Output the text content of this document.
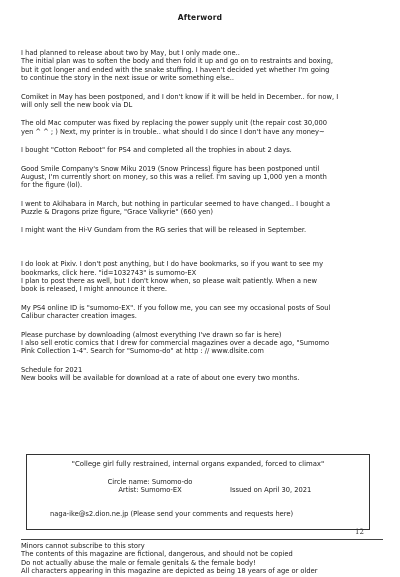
Afterword

I had planned to release about two by May, but I only made one..
The initial plan was to soften the body and then fold it up and go on to restraints and boxing,
but it got longer and ended with the snake stuffing. I haven't decided yet whether I'm going
to continue the story in the next issue or write something else..

Comiket in May has been postponed, and I don't know if it will be held in December.. for now, I
will only sell the new book via DL

The old Mac computer was fixed by replacing the power supply unit (the repair cost 30,000
yen ^ ^ ; ) Next, my printer is in trouble.. what should I do since I don't have any money~

I bought "Cotton Reboot" for PS4 and completed all the trophies in about 2 days.

Good Smile Company's Snow Miku 2019 (Snow Princess) figure has been postponed until
August, I'm currently short on money, so this was a relief. I'm saving up 1,000 yen a month
for the figure (lol).

I went to Akihabara in March, but nothing in particular seemed to have changed.. I bought a
Puzzle & Dragons prize figure, "Grace Valkyrie" (660 yen)

I might want the Hi-V Gundam from the RG series that will be released in September.

I do look at Pixiv. I don't post anything, but I do have bookmarks, so if you want to see my
bookmarks, click here. "id=1032743" is sumomo-EX
I plan to post there as well, but I don't know when, so please wait patiently. When a new
book is released, I might announce it there.

My PS4 online ID is "sumomo-EX". If you follow me, you can see my occasional posts of Soul
Calibur character creation images.

Please purchase by downloading (almost everything I've drawn so far is here)
I also sell erotic comics that I drew for commercial magazines over a decade ago, "Sumomo
Pink Collection 1-4". Search for "Sumomo-do" at http : // www.dlsite.com

Schedule for 2021
New books will be available for download at a rate of about one every two months.

"College girl fully restrained, internal organs expanded, forced to climax"
Circle name: Sumomo-do
Artist: Sumomo-EX	Issued on April 30, 2021
naga-ike@s2.dion.ne.jp (Please send your comments and requests here)
12
Minors cannot subscribe to this story
The contents of this magazine are fictional, dangerous, and should not be copied
Do not actually abuse the male or female genitals & the female body!
All characters appearing in this magazine are depicted as being 18 years of age or older
